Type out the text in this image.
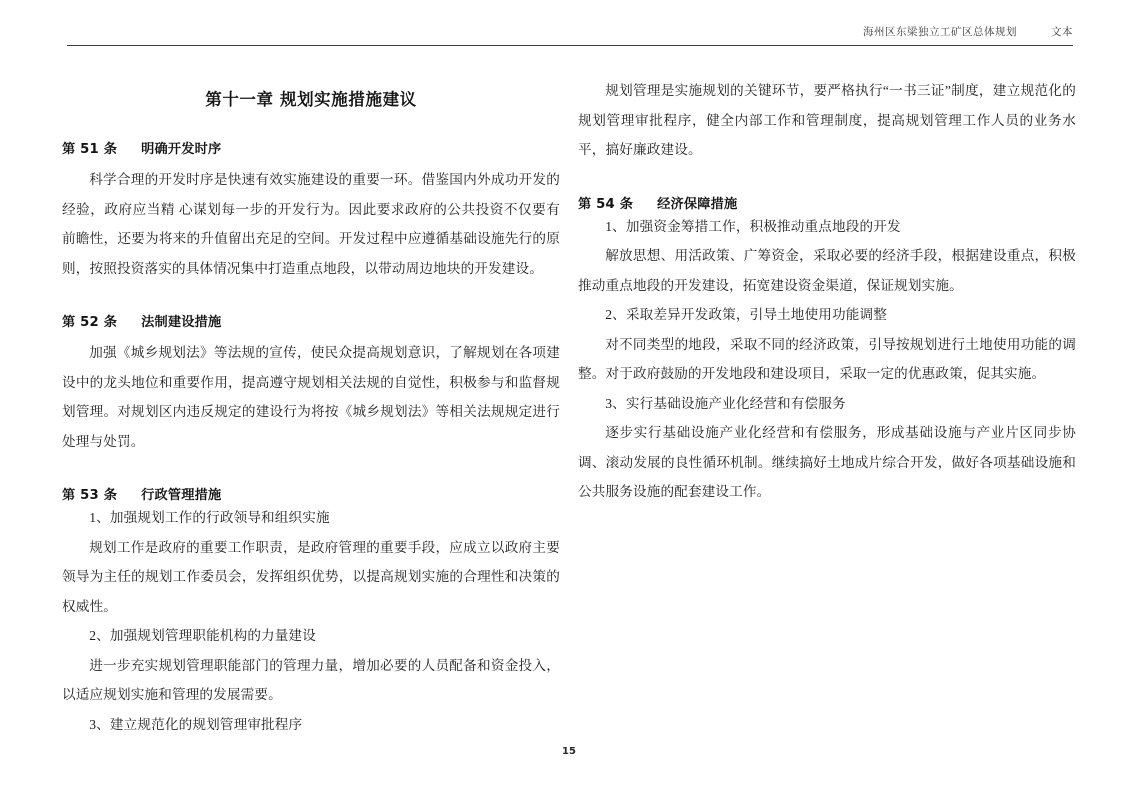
海州区东梁独立工矿区总体规划	文本
第十一章 规划实施措施建议
第 51 条 明确开发时序

科学合理的开发时序是快速有效实施建设的重要一环。借鉴国内外成功开发的经验，政府应当精 心谋划每一步的开发行为。因此要求政府的公共投资不仅要有前瞻性，还要为将来的升值留出充足的空间。开发过程中应遵循基础设施先行的原则，按照投资落实的具体情况集中打造重点地段，以带动周边地块的开发建设。

第 52 条 法制建设措施

加强《城乡规划法》等法规的宣传，使民众提高规划意识，了解规划在各项建设中的龙头地位和重要作用，提高遵守规划相关法规的自觉性，积极参与和监督规划管理。对规划区内违反规定的建设行为将按《城乡规划法》等相关法规规定进行处理与处罚。

第 53 条 行政管理措施

1、加强规划工作的行政领导和组织实施

规划工作是政府的重要工作职责，是政府管理的重要手段，应成立以政府主要领导为主任的规划工作委员会，发挥组织优势，以提高规划实施的合理性和决策的权威性。

2、加强规划管理职能机构的力量建设

进一步充实规划管理职能部门的管理力量，增加必要的人员配备和资金投入，以适应规划实施和管理的发展需要。

3、建立规范化的规划管理审批程序

规划管理是实施规划的关键环节，要严格执行“一书三证”制度，建立规范化的规划管理审批程序，健全内部工作和管理制度，提高规划管理工作人员的业务水平，搞好廉政建设。

第 54 条 经济保障措施

1、加强资金筹措工作，积极推动重点地段的开发

解放思想、用活政策、广筹资金，采取必要的经济手段，根据建设重点，积极推动重点地段的开发建设，拓宽建设资金渠道，保证规划实施。

2、采取差异开发政策，引导土地使用功能调整

对不同类型的地段，采取不同的经济政策，引导按规划进行土地使用功能的调整。对于政府鼓励的开发地段和建设项目，采取一定的优惠政策，促其实施。

3、实行基础设施产业化经营和有偿服务

逐步实行基础设施产业化经营和有偿服务，形成基础设施与产业片区同步协调、滚动发展的良性循环机制。继续搞好土地成片综合开发，做好各项基础设施和公共服务设施的配套建设工作。

15
